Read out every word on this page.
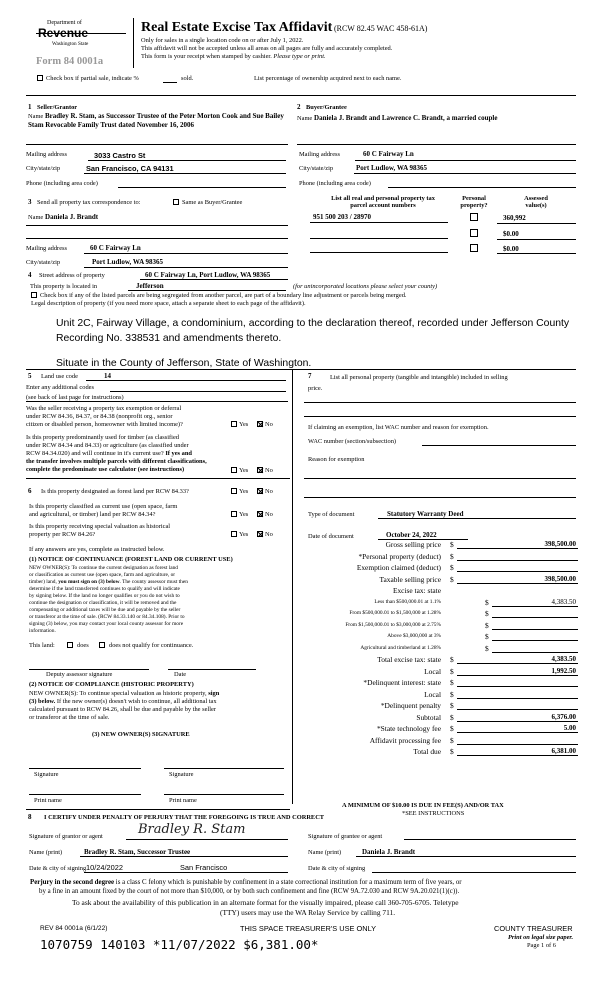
Department of
Revenue
Washington State
Form 84 0001a
Real Estate Excise Tax Affidavit (RCW 82.45 WAC 458-61A)
Only for sales in a single location code on or after July 1, 2022.
This affidavit will not be accepted unless all areas on all pages are fully and accurately completed.
This form is your receipt when stamped by cashier. Please type or print.
Check box if partial sale, indicate %	sold.	List percentage of ownership acquired next to each name.
1 Seller/Grantor
Name Bradley R. Stam, as Successor Trustee of the Peter Morton Cook and Sue Bailey Stam Revocable Family Trust dated November 16, 2006
Mailing address	3033 Castro St
City/state/zip	San Francisco, CA 94131
Phone (including area code)
2 Buyer/Grantee
Name Daniela J. Brandt and Lawrence C. Brandt, a married couple
Mailing address	60 C Fairway Ln
City/state/zip	Port Ludlow, WA 98365
Phone (including area code)
3 Send all property tax correspondence to:	Same as Buyer/Grantee
Name Daniela J. Brandt
Mailing address	60 C Fairway Ln
City/state/zip	Port Ludlow, WA 98365
List all real and personal property tax
parcel account numbers
Personal
property?
Assessed
value(s)
951 500 203 / 28970	360,992
$0.00
$0.00
4 Street address of property	60 C Fairway Ln, Port Ludlow, WA 98365
This property is located in	Jefferson	(for unincorporated locations please select your county)
Check box if any of the listed parcels are being segregated from another parcel, are part of a boundary line adjustment or parcels being merged.
Legal description of property (if you need more space, attach a separate sheet to each page of the affidavit).
Unit 2C, Fairway Village, a condominium, according to the declaration thereof, recorded under Jefferson County
Recording No. 338531 and amendments thereto.
Situate in the County of Jefferson, State of Washington.
5 Land use code	14
Enter any additional codes
(see back of last page for instructions)
Was the seller receiving a property tax exemption or deferral
under RCW 84.36, 84.37, or 84.38 (nonprofit org., senior
citizen or disabled person, homeowner with limited income)?	Yes	No
Is this property predominantly used for timber (as classified
under RCW 84.34 and 84.33) or agriculture (as classified under
RCW 84.34.020) and will continue in it's current use? If yes and
the transfer involves multiple parcels with different classifications,
complete the predominate use calculator (see instructions)	Yes	No
6 Is this property designated as forest land per RCW 84.33?	Yes	No
Is this property classified as current use (open space, farm
and agricultural, or timber) land per RCW 84.34?	Yes	No
Is this property receiving special valuation as historical
property per RCW 84.26?	Yes	No
If any answers are yes, complete as instructed below.
(1) NOTICE OF CONTINUANCE (FOREST LAND OR CURRENT USE)
NEW OWNER(S): To continue the current designation as forest land
or classification as current use (open space, farm and agriculture, or
timber) land, you must sign on (3) below. The county assessor must then
determine if the land transferred continues to qualify and will indicate
by signing below. If the land no longer qualifies or you do not wish to
continue the designation or classification, it will be removed and the
compensating or additional taxes will be due and payable by the seller
or transferor at the time of sale. (RCW 84.33.140 or 84.34.108). Prior to
signing (3) below, you may contact your local county assessor for more
information.
This land:	does	does not qualify for continuance.
Deputy assessor signature	Date
(2) NOTICE OF COMPLIANCE (HISTORIC PROPERTY)
NEW OWNER(S): To continue special valuation as historic property, sign
(3) below. If the new owner(s) doesn't wish to continue, all additional tax
calculated pursuant to RCW 84.26, shall be due and payable by the seller
or transferor at the time of sale.
(3) NEW OWNER(S) SIGNATURE
Signature	Signature
Print name	Print name
7	List all personal property (tangible and intangible) included in selling
price.
If claiming an exemption, list WAC number and reason for exemption.
WAC number (section/subsection)
Reason for exemption
Type of document	Statutory Warranty Deed
Date of document	October 24, 2022
Gross selling price $	398,500.00
*Personal property (deduct) $
Exemption claimed (deduct) $
Taxable selling price $	398,500.00
Excise tax: state
Less than $500,000.01 at 1.1%	$	4,383.50
From $500,000.01 to $1,500,000 at 1.28%	$
From $1,500,000.01 to $3,000,000 at 2.75%	$
Above $3,000,000 at 3%	$
Agricultural and timberland at 1.28%	$
Total excise tax: state $	4,383.50
Local $	1,992.50
*Delinquent interest: state $
Local $
*Delinquent penalty $
Subtotal $	6,376.00
*State technology fee $	5.00
Affidavit processing fee $
Total due $	6,381.00
A MINIMUM OF $10.00 IS DUE IN FEE(S) AND/OR TAX
*SEE INSTRUCTIONS
8 I CERTIFY UNDER PENALTY OF PERJURY THAT THE FOREGOING IS TRUE AND CORRECT
Signature of grantor or agent	Bradley R. Stam	Signature of grantee or agent
Name (print)	Bradley R. Stam, Successor Trustee	Name (print)	Daniela J. Brandt
Date & city of signing 10/24/2022	San Francisco	Date & city of signing
Perjury in the second degree is a class C felony which is punishable by confinement in a state correctional institution for a maximum term of five years, or
by a fine in an amount fixed by the court of not more than $10,000, or by both such confinement and fine (RCW 9A.72.030 and RCW 9A.20.021(1)(c)).
To ask about the availability of this publication in an alternate format for the visually impaired, please call 360-705-6705. Teletype
(TTY) users may use the WA Relay Service by calling 711.
REV 84 0001a (6/1/22)	THIS SPACE TREASURER'S USE ONLY	COUNTY TREASURER
Print on legal size paper.
Page 1 of 6
1070759 140103 *11/07/2022 $6,381.00*
